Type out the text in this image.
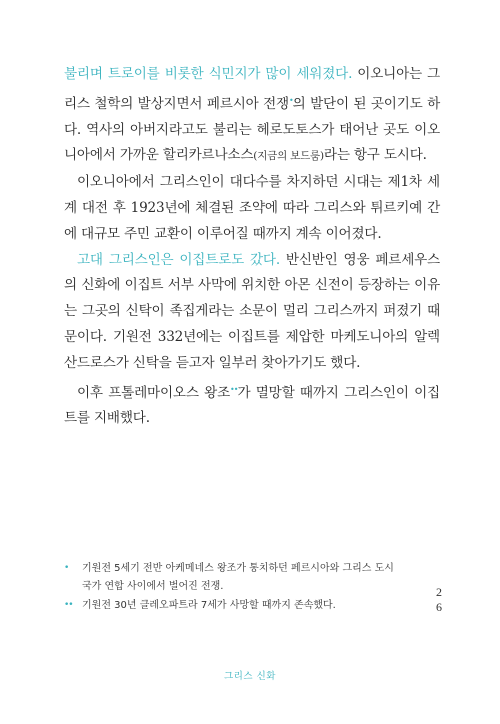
불리며 트로이를 비롯한 식민지가 많이 세워졌다. 이오니아는 그리스 철학의 발상지면서 페르시아 전쟁•의 발단이 된 곳이기도 하다. 역사의 아버지라고도 불리는 헤로도토스가 태어난 곳도 이오니아에서 가까운 할리카르나소스(지금의 보드룸)라는 항구 도시다.

이오니아에서 그리스인이 대다수를 차지하던 시대는 제1차 세계 대전 후 1923년에 체결된 조약에 따라 그리스와 튀르키예 간에 대규모 주민 교환이 이루어질 때까지 계속 이어졌다.

고대 그리스인은 이집트로도 갔다. 반신반인 영웅 페르세우스의 신화에 이집트 서부 사막에 위치한 아몬 신전이 등장하는 이유는 그곳의 신탁이 족집게라는 소문이 멀리 그리스까지 퍼졌기 때문이다. 기원전 332년에는 이집트를 제압한 마케도니아의 알렉산드로스가 신탁을 듣고자 일부러 찾아가기도 했다.

이후 프톨레마이오스 왕조••가 멸망할 때까지 그리스인이 이집트를 지배했다.

• 기원전 5세기 전반 아케메네스 왕조가 통치하던 페르시아와 그리스 도시 국가 연합 사이에서 벌어진 전쟁.
•• 기원전 30년 클레오파트라 7세가 사망할 때까지 존속했다.
2
6
그리스 신화
